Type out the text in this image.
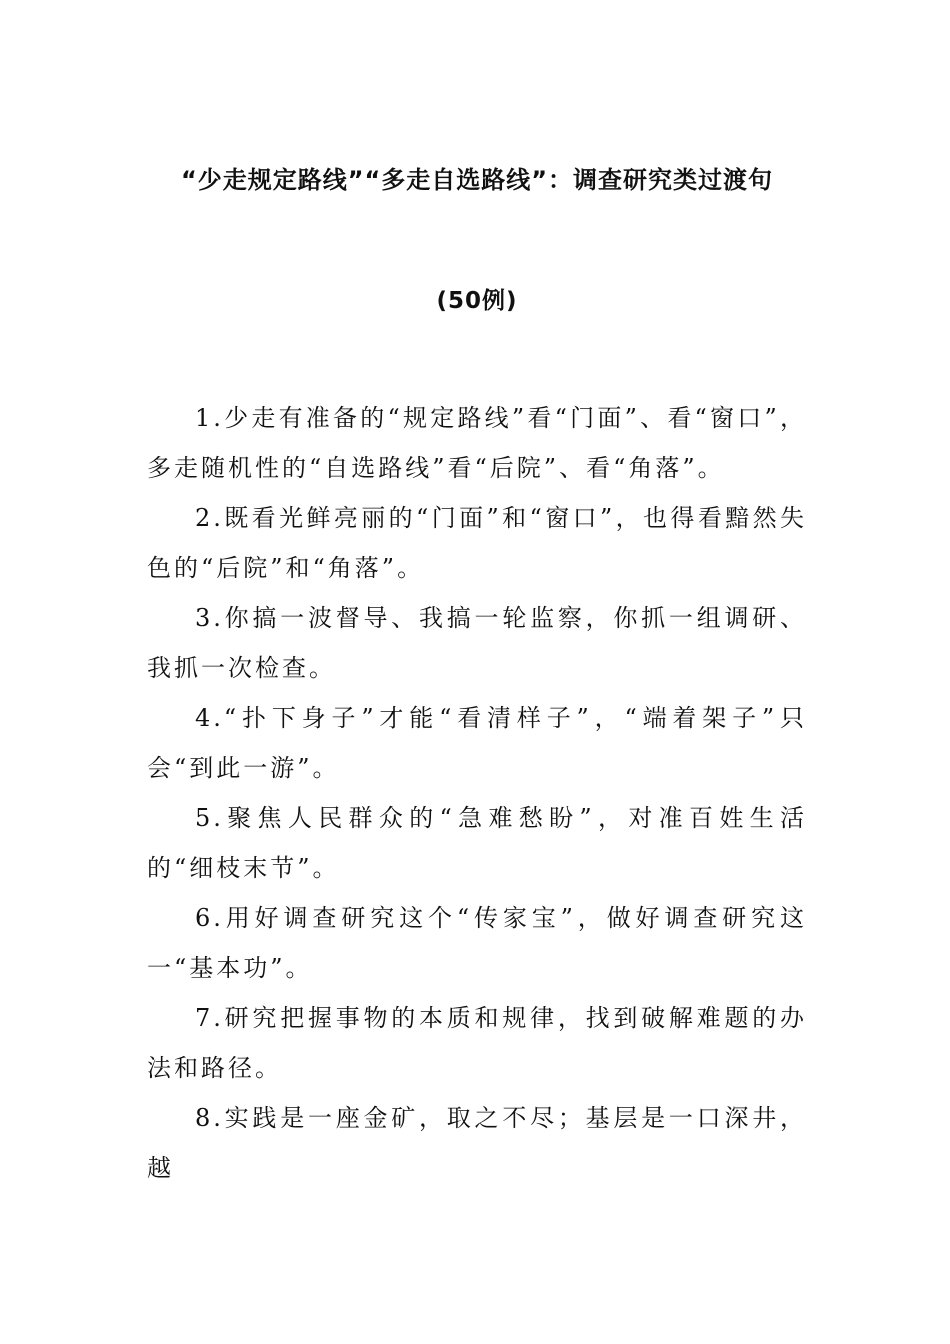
“少走规定路线”“多走自选路线”：调查研究类过渡句
(50例)

1.少走有准备的“规定路线”看“门面”、看“窗口”，多走随机性的“自选路线”看“后院”、看“角落”。

2.既看光鲜亮丽的“门面”和“窗口”，也得看黯然失色的“后院”和“角落”。

3.你搞一波督导、我搞一轮监察，你抓一组调研、我抓一次检查。

4.“扑下身子”才能“看清样子”，“端着架子”只会“到此一游”。

5.聚焦人民群众的“急难愁盼”，对准百姓生活的“细枝末节”。

6.用好调查研究这个“传家宝”，做好调查研究这一“基本功”。

7.研究把握事物的本质和规律，找到破解难题的办法和路径。

8.实践是一座金矿，取之不尽；基层是一口深井，越
